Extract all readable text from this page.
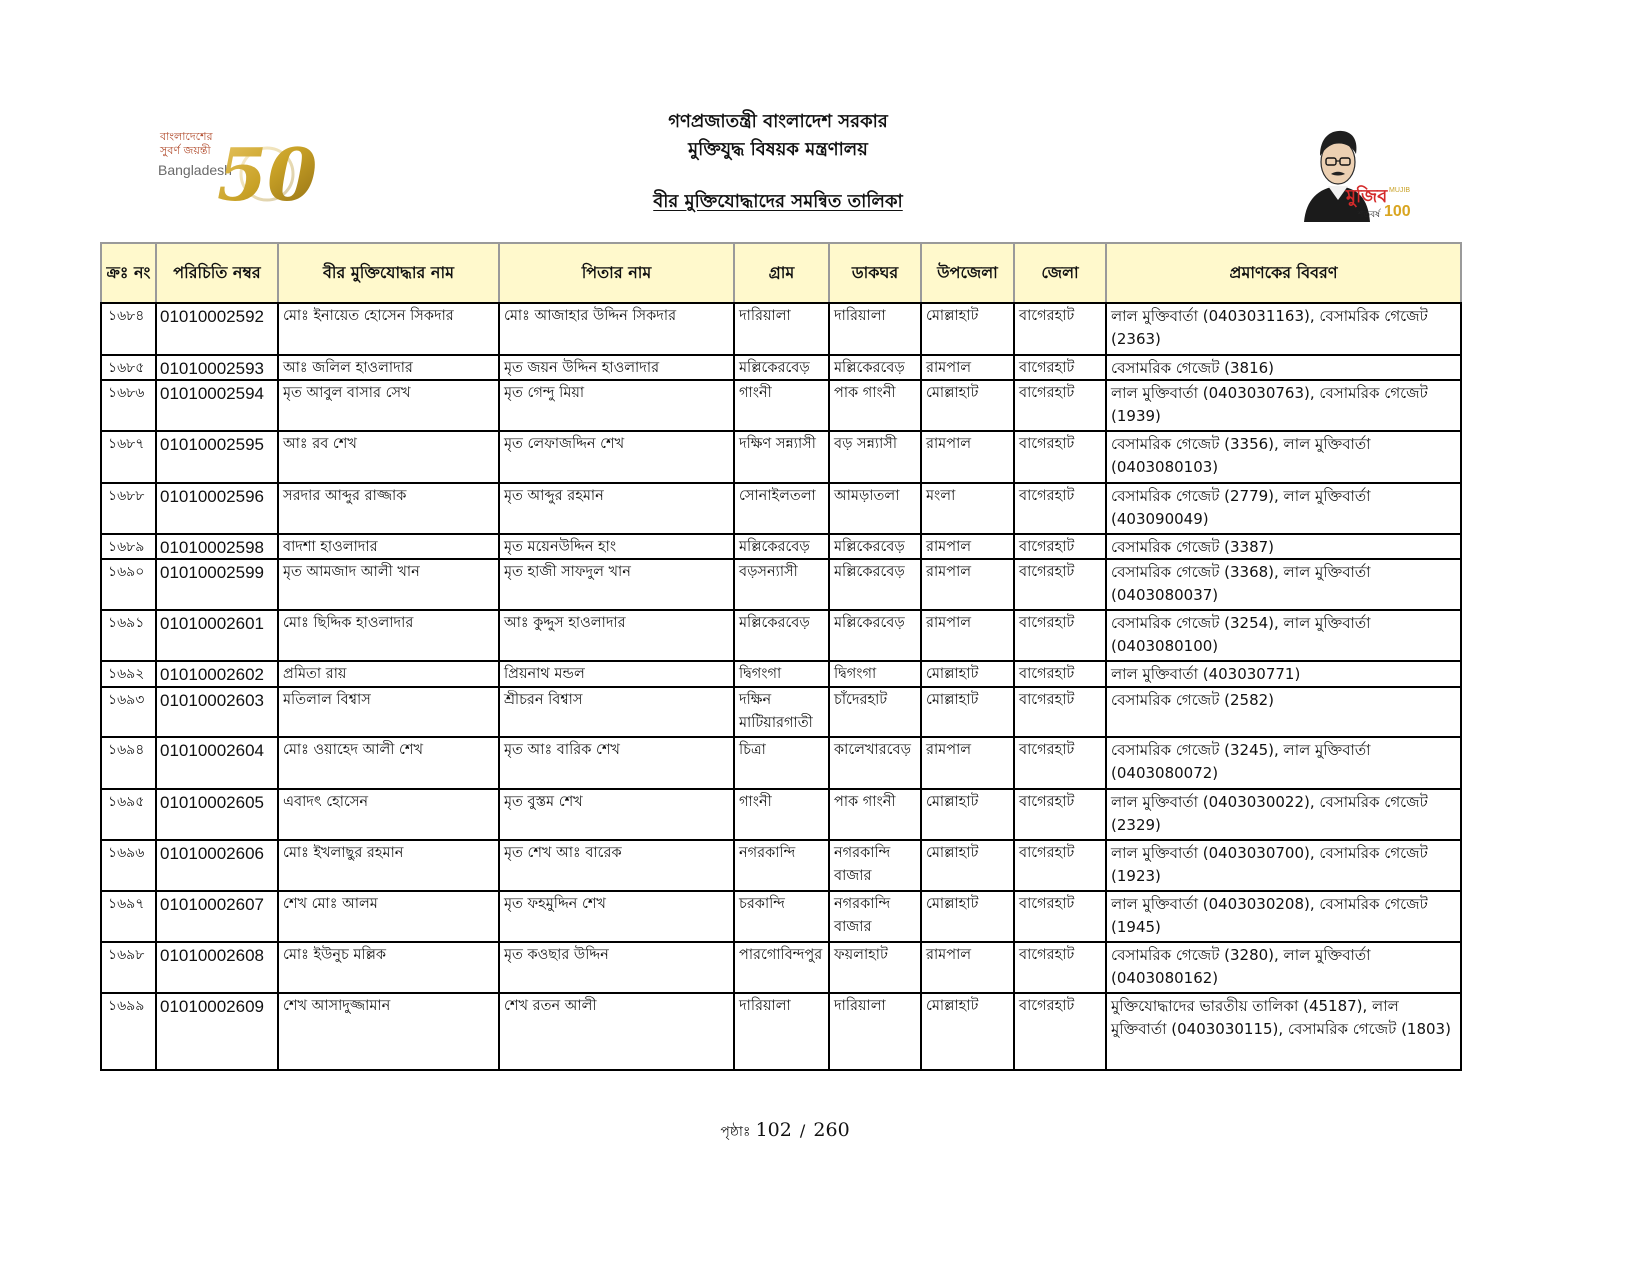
বাংলাদেশের
সুবর্ণ জয়ন্তী
Bangladesh
50
গণপ্রজাতন্ত্রী বাংলাদেশ সরকার
মুক্তিযুদ্ধ বিষয়ক মন্ত্রণালয়
বীর মুক্তিযোদ্ধাদের সমন্বিত তালিকা	মুজিব
শতবর্ষ
MUJIB
100
ক্রঃ নং	পরিচিতি নম্বর	বীর মুক্তিযোদ্ধার নাম	পিতার নাম	গ্রাম	ডাকঘর	উপজেলা	জেলা	প্রমাণকের বিবরণ

১৬৮৪	01010002592	মোঃ ইনায়েত হোসেন সিকদার	মোঃ আজাহার উদ্দিন সিকদার	দারিয়ালা	দারিয়ালা	মোল্লাহাট	বাগেরহাট	লাল মুক্তিবার্তা (0403031163), বেসামরিক গেজেট (2363)

১৬৮৫	01010002593	আঃ জলিল হাওলাদার	মৃত জয়ন উদ্দিন হাওলাদার	মল্লিকেরবেড়	মল্লিকেরবেড়	রামপাল	বাগেরহাট	বেসামরিক গেজেট (3816)

১৬৮৬	01010002594	মৃত আবুল বাসার সেখ	মৃত গেন্দু মিয়া	গাংনী	পাক গাংনী	মোল্লাহাট	বাগেরহাট	লাল মুক্তিবার্তা (0403030763), বেসামরিক গেজেট (1939)

১৬৮৭	01010002595	আঃ রব শেখ	মৃত লেফাজদ্দিন শেখ	দক্ষিণ সন্ন্যাসী	বড় সন্ন্যাসী	রামপাল	বাগেরহাট	বেসামরিক গেজেট (3356), লাল মুক্তিবার্তা (0403080103)

১৬৮৮	01010002596	সরদার আব্দুর রাজ্জাক	মৃত আব্দুর রহমান	সোনাইলতলা	আমড়াতলা	মংলা	বাগেরহাট	বেসামরিক গেজেট (2779), লাল মুক্তিবার্তা (403090049)

১৬৮৯	01010002598	বাদশা হাওলাদার	মৃত ময়েনউদ্দিন হাং	মল্লিকেরবেড়	মল্লিকেরবেড়	রামপাল	বাগেরহাট	বেসামরিক গেজেট (3387)

১৬৯০	01010002599	মৃত আমজাদ আলী খান	মৃত হাজী সাফদুল খান	বড়সন্যাসী	মল্লিকেরবেড়	রামপাল	বাগেরহাট	বেসামরিক গেজেট (3368), লাল মুক্তিবার্তা (0403080037)

১৬৯১	01010002601	মোঃ ছিদ্দিক হাওলাদার	আঃ কুদ্দুস হাওলাদার	মল্লিকেরবেড়	মল্লিকেরবেড়	রামপাল	বাগেরহাট	বেসামরিক গেজেট (3254), লাল মুক্তিবার্তা (0403080100)

১৬৯২	01010002602	প্রমিতা রায়	প্রিয়নাথ মন্ডল	দ্বিগংগা	দ্বিগংগা	মোল্লাহাট	বাগেরহাট	লাল মুক্তিবার্তা (403030771)

১৬৯৩	01010002603	মতিলাল বিশ্বাস	শ্রীচরন বিশ্বাস	দক্ষিন মাটিয়ারগাতী	চাঁদেরহাট	মোল্লাহাট	বাগেরহাট	বেসামরিক গেজেট (2582)

১৬৯৪	01010002604	মোঃ ওয়াহেদ আলী শেখ	মৃত আঃ বারিক শেখ	চিত্রা	কালেখারবেড়	রামপাল	বাগেরহাট	বেসামরিক গেজেট (3245), লাল মুক্তিবার্তা (0403080072)

১৬৯৫	01010002605	এবাদৎ হোসেন	মৃত বুস্তম শেখ	গাংনী	পাক গাংনী	মোল্লাহাট	বাগেরহাট	লাল মুক্তিবার্তা (0403030022), বেসামরিক গেজেট (2329)

১৬৯৬	01010002606	মোঃ ইখলাছুর রহমান	মৃত শেখ আঃ বারেক	নগরকান্দি	নগরকান্দি বাজার	মোল্লাহাট	বাগেরহাট	লাল মুক্তিবার্তা (0403030700), বেসামরিক গেজেট (1923)

১৬৯৭	01010002607	শেখ মোঃ আলম	মৃত ফহমুদ্দিন শেখ	চরকান্দি	নগরকান্দি বাজার	মোল্লাহাট	বাগেরহাট	লাল মুক্তিবার্তা (0403030208), বেসামরিক গেজেট (1945)

১৬৯৮	01010002608	মোঃ ইউনুচ মল্লিক	মৃত কওছার উদ্দিন	পারগোবিন্দপুর	ফয়লাহাট	রামপাল	বাগেরহাট	বেসামরিক গেজেট (3280), লাল মুক্তিবার্তা (0403080162)

১৬৯৯	01010002609	শেখ আসাদুজ্জামান	শেখ রতন আলী	দারিয়ালা	দারিয়ালা	মোল্লাহাট	বাগেরহাট	মুক্তিযোদ্ধাদের ভারতীয় তালিকা (45187), লাল মুক্তিবার্তা (0403030115), বেসামরিক গেজেট (1803)
পৃষ্ঠাঃ 102 / 260
